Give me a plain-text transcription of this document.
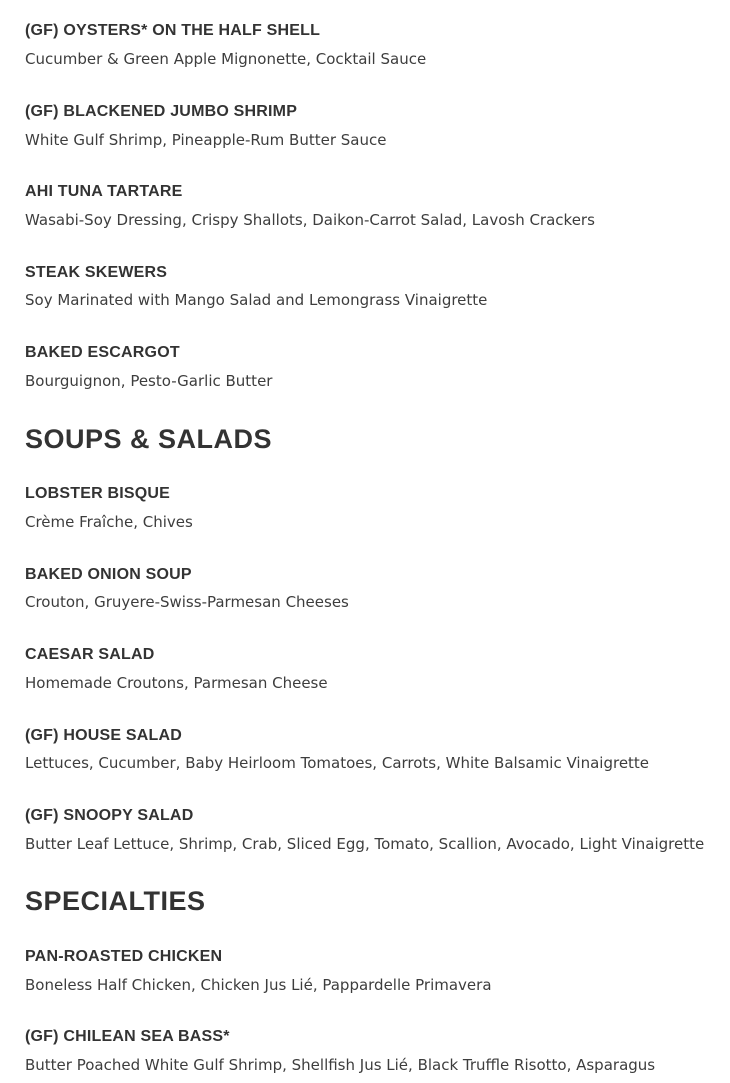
(GF) OYSTERS* ON THE HALF SHELL

Cucumber & Green Apple Mignonette, Cocktail Sauce

(GF) BLACKENED JUMBO SHRIMP

White Gulf Shrimp, Pineapple-Rum Butter Sauce

AHI TUNA TARTARE

Wasabi-Soy Dressing, Crispy Shallots, Daikon-Carrot Salad, Lavosh Crackers

STEAK SKEWERS

Soy Marinated with Mango Salad and Lemongrass Vinaigrette

BAKED ESCARGOT

Bourguignon, Pesto-Garlic Butter

SOUPS & SALADS
LOBSTER BISQUE

Crème Fraîche, Chives

BAKED ONION SOUP

Crouton, Gruyere-Swiss-Parmesan Cheeses

CAESAR SALAD

Homemade Croutons, Parmesan Cheese

(GF) HOUSE SALAD

Lettuces, Cucumber, Baby Heirloom Tomatoes, Carrots, White Balsamic Vinaigrette

(GF) SNOOPY SALAD

Butter Leaf Lettuce, Shrimp, Crab, Sliced Egg, Tomato, Scallion, Avocado, Light Vinaigrette

SPECIALTIES
PAN-ROASTED CHICKEN

Boneless Half Chicken, Chicken Jus Lié, Pappardelle Primavera

(GF) CHILEAN SEA BASS*

Butter Poached White Gulf Shrimp, Shellfish Jus Lié, Black Truffle Risotto, Asparagus
